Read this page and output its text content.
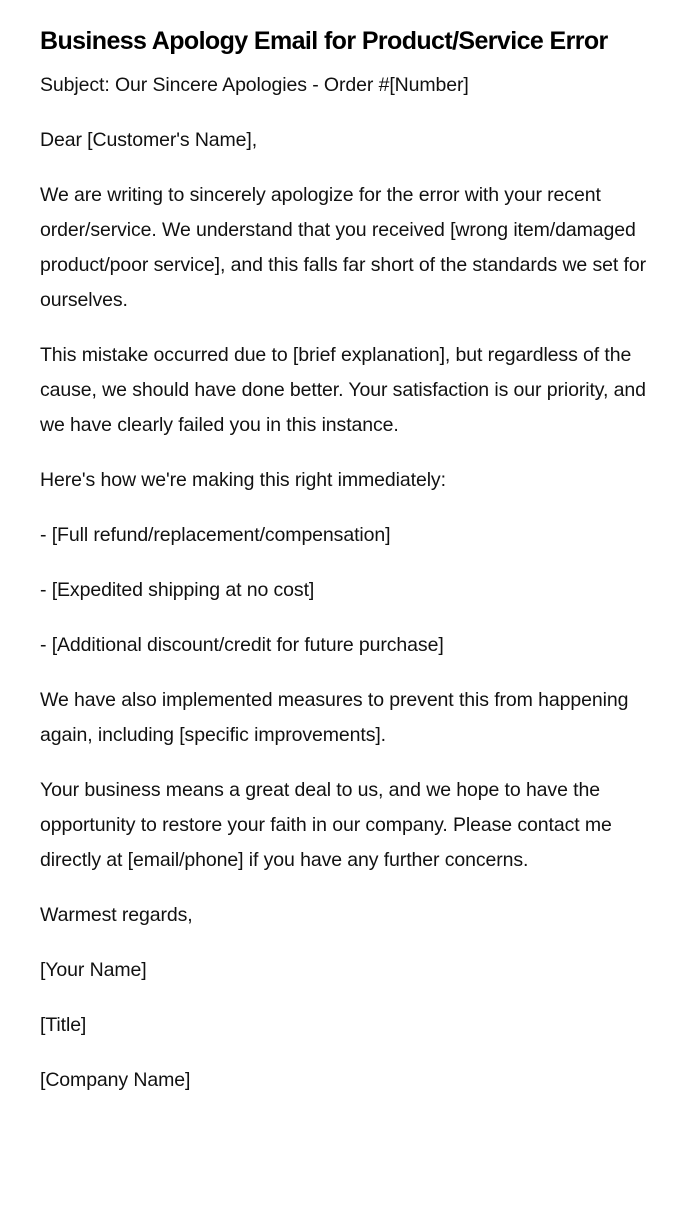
Business Apology Email for Product/Service Error

Subject: Our Sincere Apologies - Order #[Number]

Dear [Customer's Name],

We are writing to sincerely apologize for the error with your recent order/service. We understand that you received [wrong item/damaged product/poor service], and this falls far short of the standards we set for ourselves.

This mistake occurred due to [brief explanation], but regardless of the cause, we should have done better. Your satisfaction is our priority, and we have clearly failed you in this instance.

Here's how we're making this right immediately:

- [Full refund/replacement/compensation]

- [Expedited shipping at no cost]

- [Additional discount/credit for future purchase]

We have also implemented measures to prevent this from happening again, including [specific improvements].

Your business means a great deal to us, and we hope to have the opportunity to restore your faith in our company. Please contact me directly at [email/phone] if you have any further concerns.

Warmest regards,

[Your Name]

[Title]

[Company Name]
